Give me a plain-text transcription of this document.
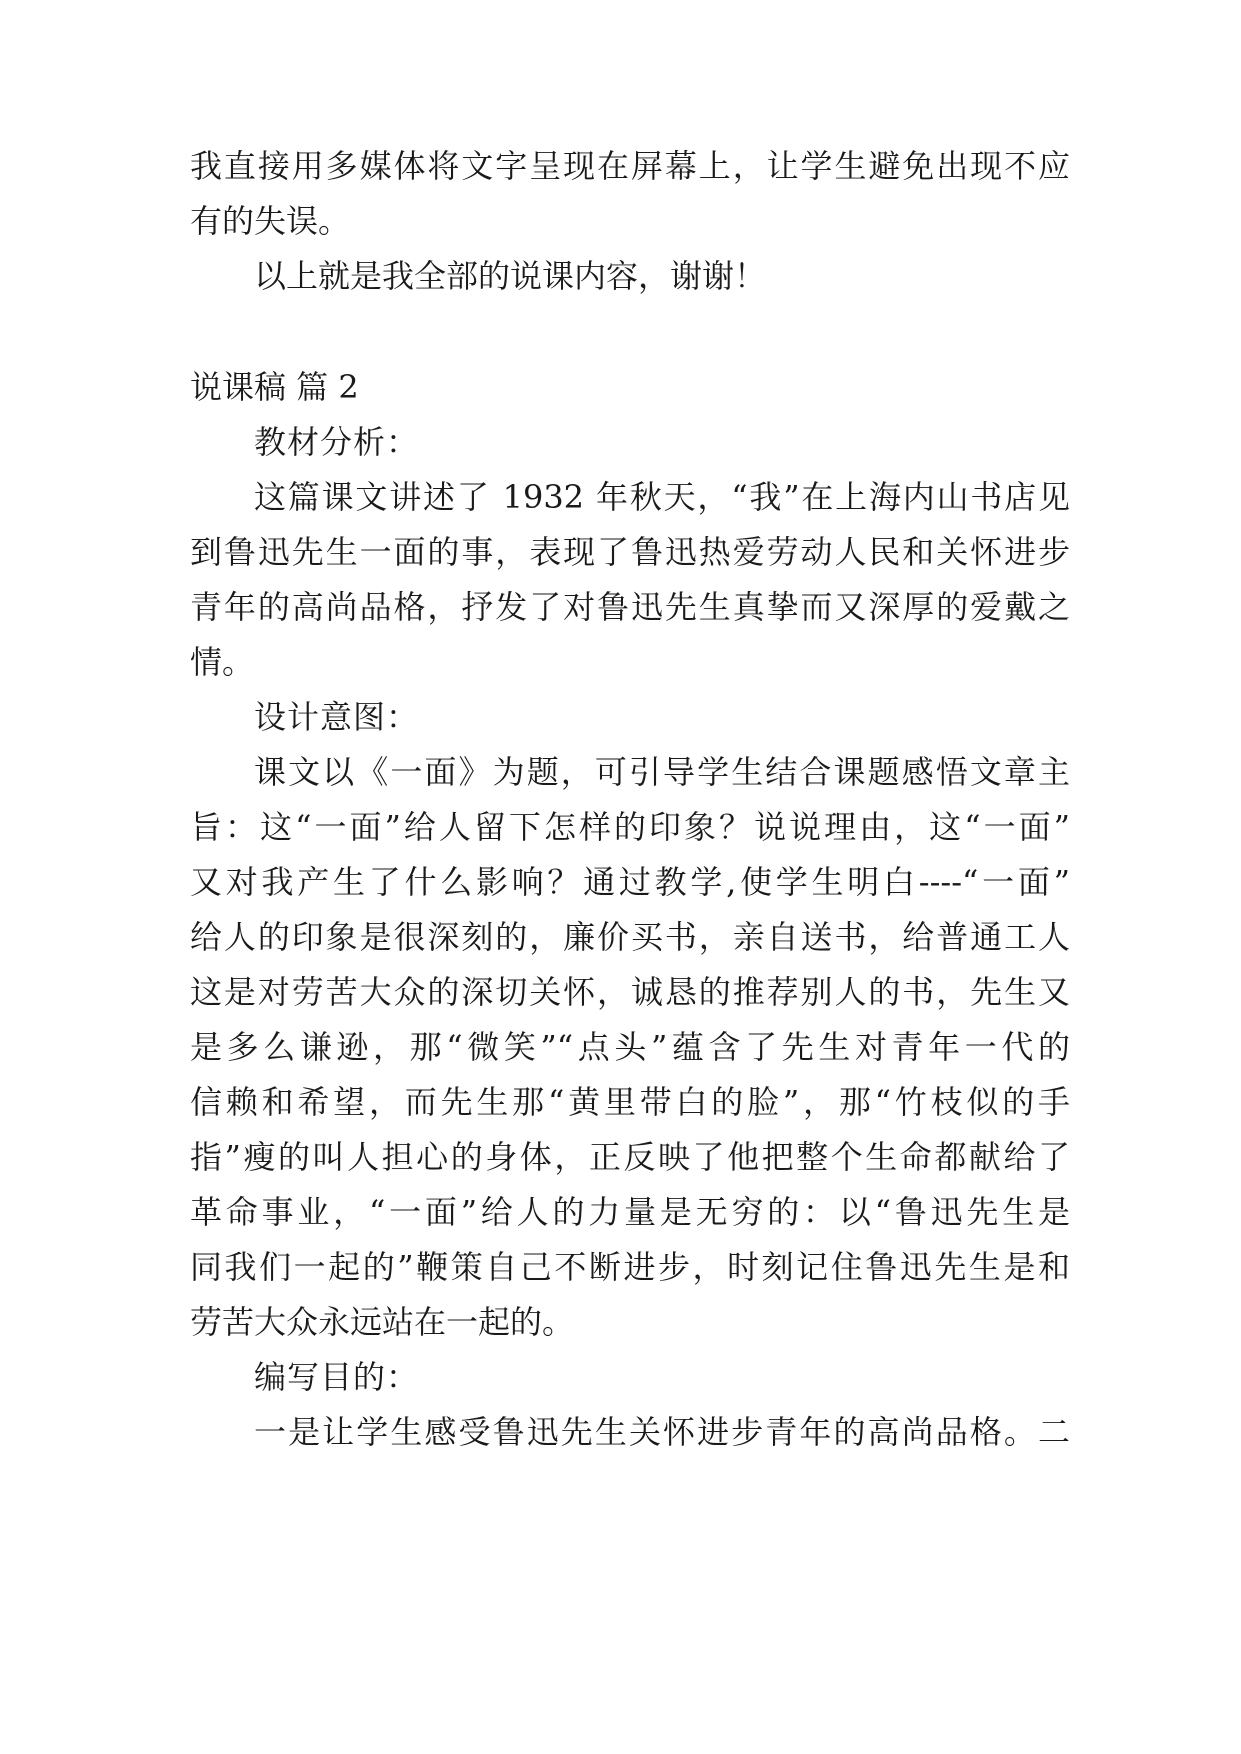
我直接用多媒体将文字呈现在屏幕上，让学生避免出现不应
有的失误。
以上就是我全部的说课内容，谢谢！
说课稿 篇 2
教材分析：
这篇课文讲述了 1932 年秋天，“我”在上海内山书店见
到鲁迅先生一面的事，表现了鲁迅热爱劳动人民和关怀进步
青年的高尚品格，抒发了对鲁迅先生真挚而又深厚的爱戴之
情。
设计意图：
课文以《一面》为题，可引导学生结合课题感悟文章主
旨：这“一面”给人留下怎样的印象？说说理由，这“一面”
又对我产生了什么影响？通过教学,使学生明白----“一面”
给人的印象是很深刻的，廉价买书，亲自送书，给普通工人
这是对劳苦大众的深切关怀，诚恳的推荐别人的书，先生又
是多么谦逊，那“微笑”“点头”蕴含了先生对青年一代的
信赖和希望，而先生那“黄里带白的脸”，那“竹枝似的手
指”瘦的叫人担心的身体，正反映了他把整个生命都献给了
革命事业，“一面”给人的力量是无穷的：以“鲁迅先生是
同我们一起的”鞭策自己不断进步，时刻记住鲁迅先生是和
劳苦大众永远站在一起的。
编写目的：
一是让学生感受鲁迅先生关怀进步青年的高尚品格。二
